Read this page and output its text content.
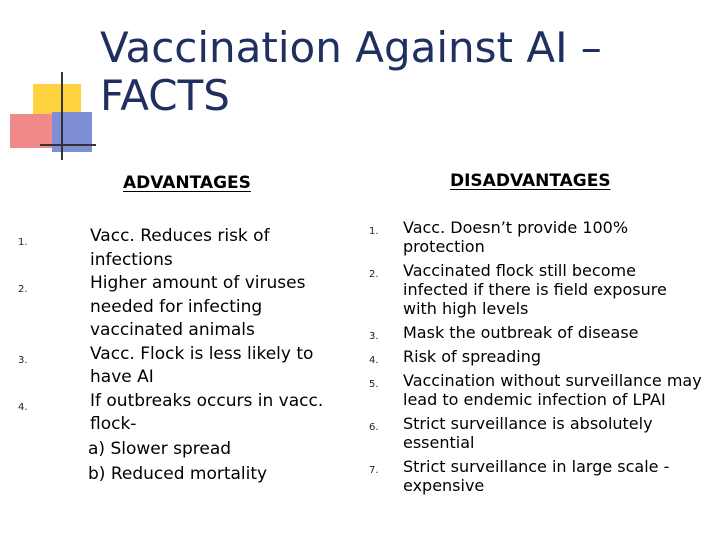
Vaccination Against AI – FACTS
ADVANTAGES	DISADVANTAGES
1.	Vacc. Reduces risk of infections
2.	Higher amount of viruses needed for infecting vaccinated animals
3.	Vacc. Flock is less likely to have AI
4.	If outbreaks occurs in vacc. flock-
a) Slower spread
b) Reduced mortality
1. Vacc. Doesn’t provide 100% protection
2. Vaccinated flock still become infected if there is field exposure with high levels
3. Mask the outbreak of disease
4. Risk of spreading
5. Vaccination without surveillance may lead to endemic infection of LPAI
6. Strict surveillance is absolutely essential
7. Strict surveillance in large scale - expensive
